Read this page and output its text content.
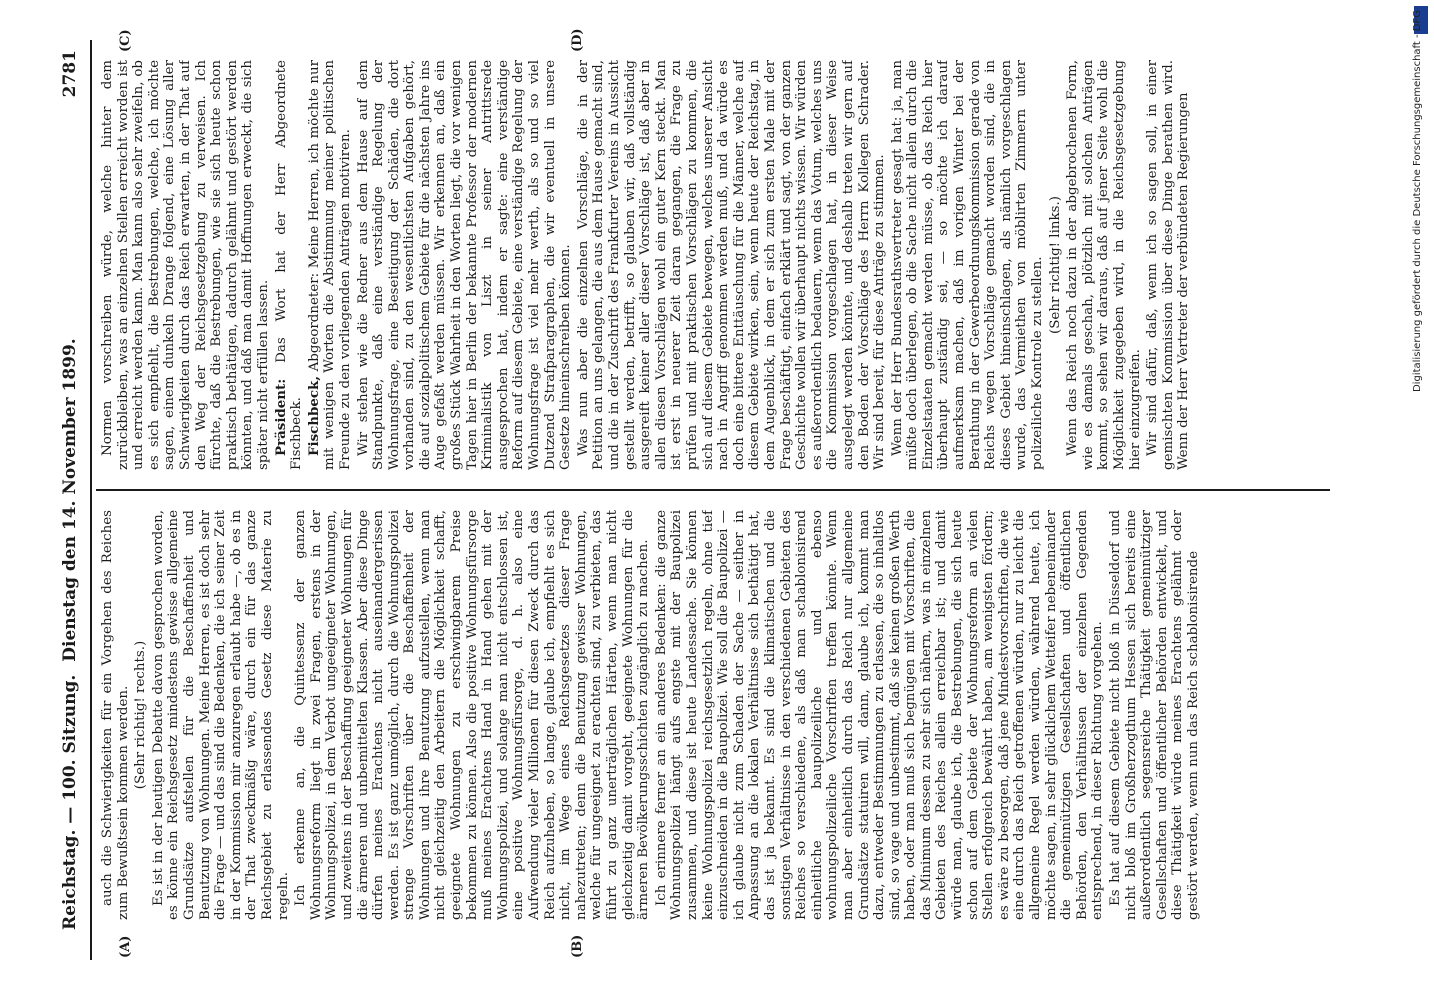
Reichstag. — 100. Sitzung.
Dienstag den 14. November 1899.
2781
(A)	(B)
(C)	(D)

auch die Schwierigkeiten für ein Vorgehen des Reiches zum Bewußtsein kommen werden. (Sehr richtig! rechts.) Es ist in der heutigen Debatte davon gesprochen worden, es könne ein Reichsgesetz mindestens gewisse allgemeine Grundsätze aufstellen für die Beschaffenheit und Benutzung von Wohnungen. Meine Herren, es ist doch sehr die Frage — und das sind die Bedenken, die ich seiner Zeit in der Kommission mir anzuregen erlaubt habe —, ob es in der That zweckmäßig wäre, durch ein für das ganze Reichsgebiet zu erlassendes Gesetz diese Materie zu regeln. Ich erkenne an, die Quintessenz der ganzen Wohnungsreform liegt in zwei Fragen, erstens in der Wohnungspolizei, in dem Verbot ungeeigneter Wohnungen, und zweitens in der Beschaffung geeigneter Wohnungen für die ärmeren und unbemittelten Klassen. Aber diese Dinge dürfen meines Erachtens nicht auseinandergerissen werden. Es ist ganz unmöglich, durch die Wohnungspolizei strenge Vorschriften über die Beschaffenheit der Wohnungen und ihre Benutzung aufzustellen, wenn man nicht gleichzeitig den Arbeitern die Möglichkeit schafft, geeignete Wohnungen zu erschwingbarem Preise bekommen zu können. Also die positive Wohnungsfürsorge muß meines Erachtens Hand in Hand gehen mit der Wohnungspolizei, und solange man nicht entschlossen ist, eine positive Wohnungsfürsorge, d. h. also eine Aufwendung vieler Millionen für diesen Zweck durch das Reich aufzuheben, so lange, glaube ich, empfiehlt es sich nicht, im Wege eines Reichsgesetzes dieser Frage nahezutreten; denn die Benutzung gewisser Wohnungen, welche für ungeeignet zu erachten sind, zu verbieten, das führt zu ganz unerträglichen Härten, wenn man nicht gleichzeitig damit vorgeht, geeignete Wohnungen für die ärmeren Bevölkerungsschichten zugänglich zu machen. Ich erinnere ferner an ein anderes Bedenken: die ganze Wohnungspolizei hängt aufs engste mit der Baupolizei zusammen, und diese ist heute Landessache. Sie können keine Wohnungspolizei reichsgesetzlich regeln, ohne tief einzuschneiden in die Baupolizei. Wie soll die Baupolizei — ich glaube nicht zum Schaden der Sache — seither in Anpassung an die lokalen Verhältnisse sich bethätigt hat, das ist ja bekannt. Es sind die klimatischen und die sonstigen Verhältnisse in den verschiedenen Gebieten des Reiches so verschiedene, als daß man schablonisirend einheitliche baupolizeiliche und ebenso wohnungspolizeiliche Vorschriften treffen könnte. Wenn man aber einheitlich durch das Reich nur allgemeine Grundsätze statuiren will, dann, glaube ich, kommt man dazu, entweder Bestimmungen zu erlassen, die so inhaltlos sind, so vage und unbestimmt, daß sie keinen großen Werth haben, oder man muß sich begnügen mit Vorschriften, die das Minimum dessen zu sehr sich nähern, was in einzelnen Gebieten des Reiches allein erreichbar ist; und damit würde man, glaube ich, die Bestrebungen, die sich heute schon auf dem Gebiete der Wohnungsreform an vielen Stellen erfolgreich bewährt haben, am wenigsten fördern; es wäre zu besorgen, daß jene Mindestvorschriften, die wie eine durch das Reich getroffenen würden, nur zu leicht die allgemeine Regel werden würden, während heute, ich möchte sagen, in sehr glücklichem Wetteifer nebeneinander die gemeinnützigen Gesellschaften und öffentlichen Behörden, den Verhältnissen der einzelnen Gegenden entsprechend, in dieser Richtung vorgehen. Es hat auf diesem Gebiete nicht bloß in Düsseldorf und nicht bloß im Großherzogthum Hessen sich bereits eine außerordentlich segensreiche Thätigkeit gemeinnütziger Gesellschaften und öffentlicher Behörden entwickelt, und diese Thätigkeit würde meines Erachtens gelähmt oder gestört werden, wenn nun das Reich schablonisirende

Normen vorschreiben würde, welche hinter dem zurückbleiben, was an einzelnen Stellen erreicht worden ist und erreicht werden kann. Man kann also sehr zweifeln, ob es sich empfiehlt, die Bestrebungen, welche, ich möchte sagen, einem dunkeln Drange folgend, eine Lösung aller Schwierigkeiten durch das Reich erwarten, in der That auf den Weg der Reichsgesetzgebung zu verweisen. Ich fürchte, daß die Bestrebungen, wie sie sich heute schon praktisch bethätigen, dadurch gelähmt und gestört werden könnten, und daß man damit Hoffnungen erweckt, die sich später nicht erfüllen lassen. Präsident: Das Wort hat der Herr Abgeordnete Fischbeck. Fischbeck, Abgeordneter: Meine Herren, ich möchte nur mit wenigen Worten die Abstimmung meiner politischen Freunde zu den vorliegenden Anträgen motiviren. Wir stehen wie die Redner aus dem Hause auf dem Standpunkte, daß eine verständige Regelung der Wohnungsfrage, eine Beseitigung der Schäden, die dort vorhanden sind, zu den wesentlichsten Aufgaben gehört, die auf sozialpolitischem Gebiete für die nächsten Jahre ins Auge gefaßt werden müssen. Wir erkennen an, daß ein großes Stück Wahrheit in den Worten liegt, die vor wenigen Tagen hier in Berlin der bekannte Professor der modernen Kriminalistik von Liszt in seiner Antrittsrede ausgesprochen hat, indem er sagte: eine verständige Reform auf diesem Gebiete, eine verständige Regelung der Wohnungsfrage ist viel mehr werth, als so und so viel Dutzend Strafparagraphen, die wir eventuell in unsere Gesetze hineinschreiben können. Was nun aber die einzelnen Vorschläge, die in der Petition an uns gelangen, die aus dem Hause gemacht sind, und die in der Zuschrift des Frankfurter Vereins in Aussicht gestellt werden, betrifft, so glauben wir, daß vollständig ausgereift keiner aller dieser Vorschläge ist, daß aber in allen diesen Vorschlägen wohl ein guter Kern steckt. Man ist erst in neuerer Zeit daran gegangen, die Frage zu prüfen und mit praktischen Vorschlägen zu kommen, die sich auf diesem Gebiete bewegen, welches unserer Ansicht nach in Angriff genommen werden muß, und da würde es doch eine bittere Enttäuschung für die Männer, welche auf diesem Gebiete wirken, sein, wenn heute der Reichstag, in dem Augenblick, in dem er sich zum ersten Male mit der Frage beschäftigt, einfach erklärt und sagt, von der ganzen Geschichte wollen wir überhaupt nichts wissen. Wir würden es außerordentlich bedauern, wenn das Votum, welches uns die Kommission vorgeschlagen hat, in dieser Weise ausgelegt werden könnte, und deshalb treten wir gern auf den Boden der Vorschläge des Herrn Kollegen Schrader. Wir sind bereit, für diese Anträge zu stimmen. Wenn der Herr Bundesrathsvertreter gesagt hat: ja, man müßte doch überlegen, ob die Sache nicht allein durch die Einzelstaaten gemacht werden müsse, ob das Reich hier überhaupt zuständig sei, — so möchte ich darauf aufmerksam machen, daß im vorigen Winter bei der Berathung in der Gewerbeordnungskommission gerade von Reichs wegen Vorschläge gemacht worden sind, die in dieses Gebiet hineinschlagen, als nämlich vorgeschlagen wurde, das Vermiethen von möblirten Zimmern unter polizeiliche Kontrole zu stellen. (Sehr richtig! links.) Wenn das Reich noch dazu in der abgebrochenen Form, wie es damals geschah, plötzlich mit solchen Anträgen kommt, so sehen wir daraus, daß auf jener Seite wohl die Möglichkeit zugegeben wird, in die Reichsgesetzgebung hier einzugreifen. Wir sind dafür, daß, wenn ich so sagen soll, in einer gemischten Kommission über diese Dinge berathen wird. Wenn der Herr Vertreter der verbündeten Regierungen	Digitalisierung gefördert durch die Deutsche Forschungsgemeinschaft - DFG
